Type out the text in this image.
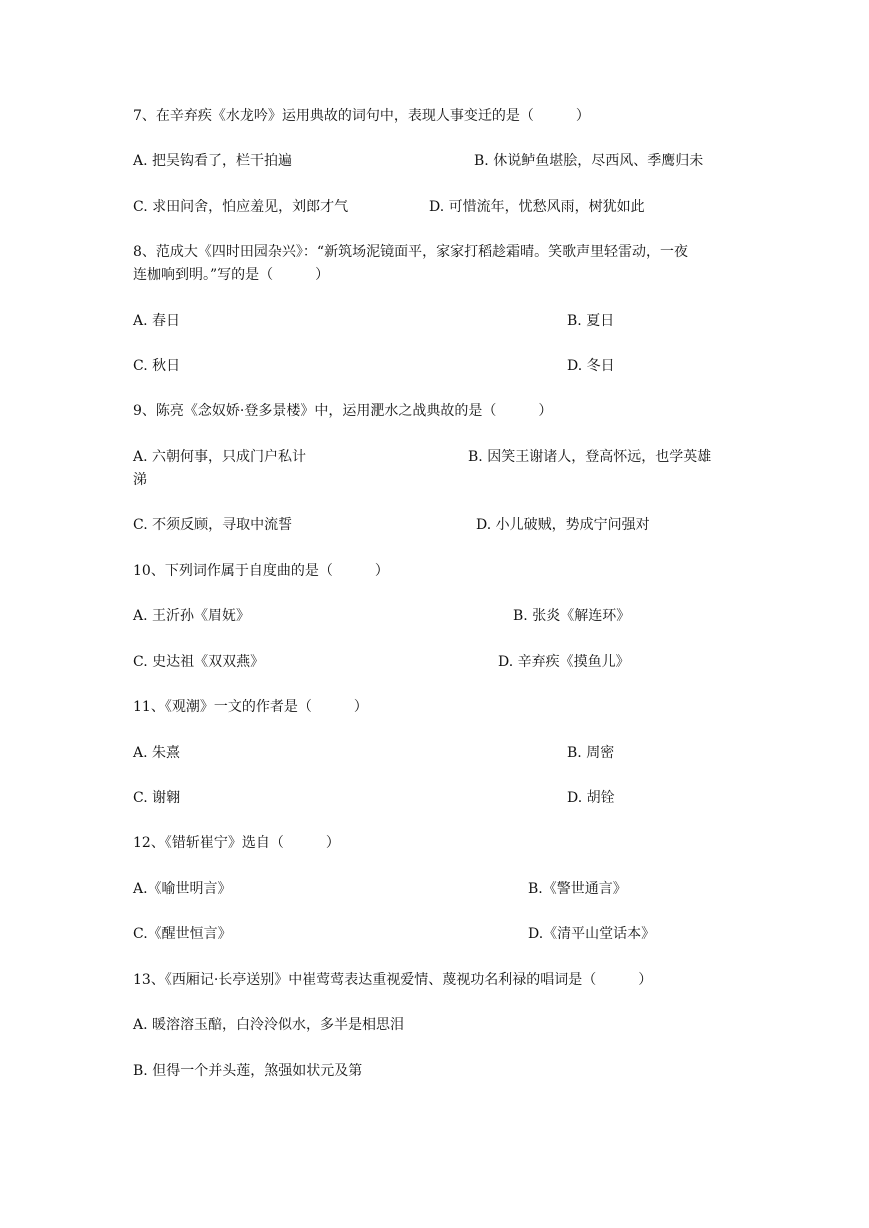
7、在辛弃疾《水龙吟》运用典故的词句中，表现人事变迁的是（　　　）
A. 把吴钩看了，栏干拍遍	B. 休说鲈鱼堪脍，尽西风、季鹰归未
C. 求田问舍，怕应羞见，刘郎才气	D. 可惜流年，忧愁风雨，树犹如此
8、范成大《四时田园杂兴》：“新筑场泥镜面平，家家打稻趁霜晴。笑歌声里轻雷动，一夜
连枷响到明。”写的是（　　　）
A. 春日	B. 夏日
C. 秋日	D. 冬日
9、陈亮《念奴娇·登多景楼》中，运用淝水之战典故的是（　　　）
A. 六朝何事，只成门户私计	B. 因笑王谢诸人，登高怀远，也学英雄
涕
C. 不须反顾，寻取中流誓	D. 小儿破贼，势成宁问强对
10、下列词作属于自度曲的是（　　　）
A. 王沂孙《眉妩》	B. 张炎《解连环》
C. 史达祖《双双燕》	D. 辛弃疾《摸鱼儿》
11、《观潮》一文的作者是（　　　）
A. 朱熹	B. 周密
C. 谢翱	D. 胡铨
12、《错斩崔宁》选自（　　　）
A.《喻世明言》	B.《警世通言》
C.《醒世恒言》	D.《清平山堂话本》
13、《西厢记·长亭送别》中崔莺莺表达重视爱情、蔑视功名利禄的唱词是（　　　）
A. 暖溶溶玉醅，白泠泠似水，多半是相思泪
B. 但得一个并头莲，煞强如状元及第
